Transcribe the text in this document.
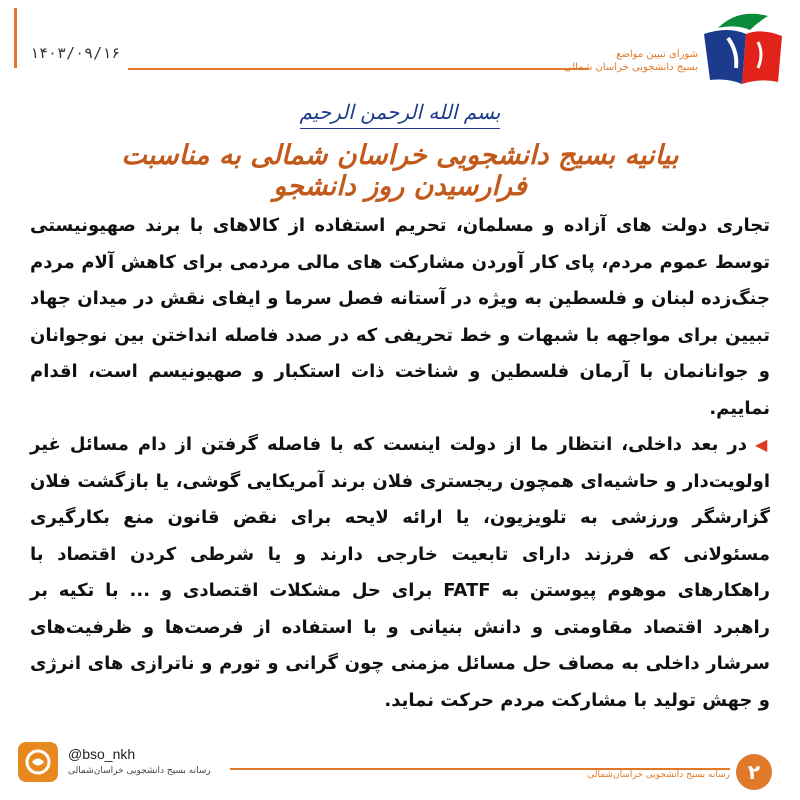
۱۴۰۳/۰۹/۱۶	شورای تبیین مواضع
بسیج دانشجویی خراسان شمالی
بسم الله الرحمن الرحیم
بیانیه بسیج دانشجویی خراسان شمالی به مناسبت فرارسیدن روز دانشجو

تجاری دولت های آزاده و مسلمان، تحریم استفاده از کالاهای با برند صهیونیستی توسط عموم مردم، پای کار آوردن مشارکت های مالی مردمی برای کاهش آلام مردم جنگ‌زده لبنان و فلسطین به ویژه در آستانه فصل سرما و ایفای نقش در میدان جهاد تبیین برای مواجهه با شبهات و خط تحریفی که در صدد فاصله انداختن بین نوجوانان و جوانانمان با آرمان فلسطین و شناخت ذات استکبار و صهیونیسم است، اقدام نماییم.

◀در بعد داخلی، انتظار ما از دولت اینست که با فاصله گرفتن از دام مسائل غیر اولویت‌دار و حاشیه‌ای همچون ریجستری فلان برند آمریکایی گوشی، یا بازگشت فلان گزارشگر ورزشی به تلویزیون، یا ارائه لایحه برای نقض قانون منع بکارگیری مسئولانی که فرزند دارای تابعیت خارجی دارند و یا شرطی کردن اقتصاد با راهکارهای موهوم پیوستن به FATF برای حل مشکلات اقتصادی و ... با تکیه بر راهبرد اقتصاد مقاومتی و دانش بنیانی و با استفاده از فرصت‌ها و ظرفیت‌های سرشار داخلی به مصاف حل مسائل مزمنی چون گرانی و تورم و ناترازی های انرژی و جهش تولید با مشارکت مردم حرکت نماید.

@bso_nkh
رسانه بسیج دانشجویی خراسان‌شمالی	رسانه بسیج دانشجویی خراسان‌شمالی ۲
